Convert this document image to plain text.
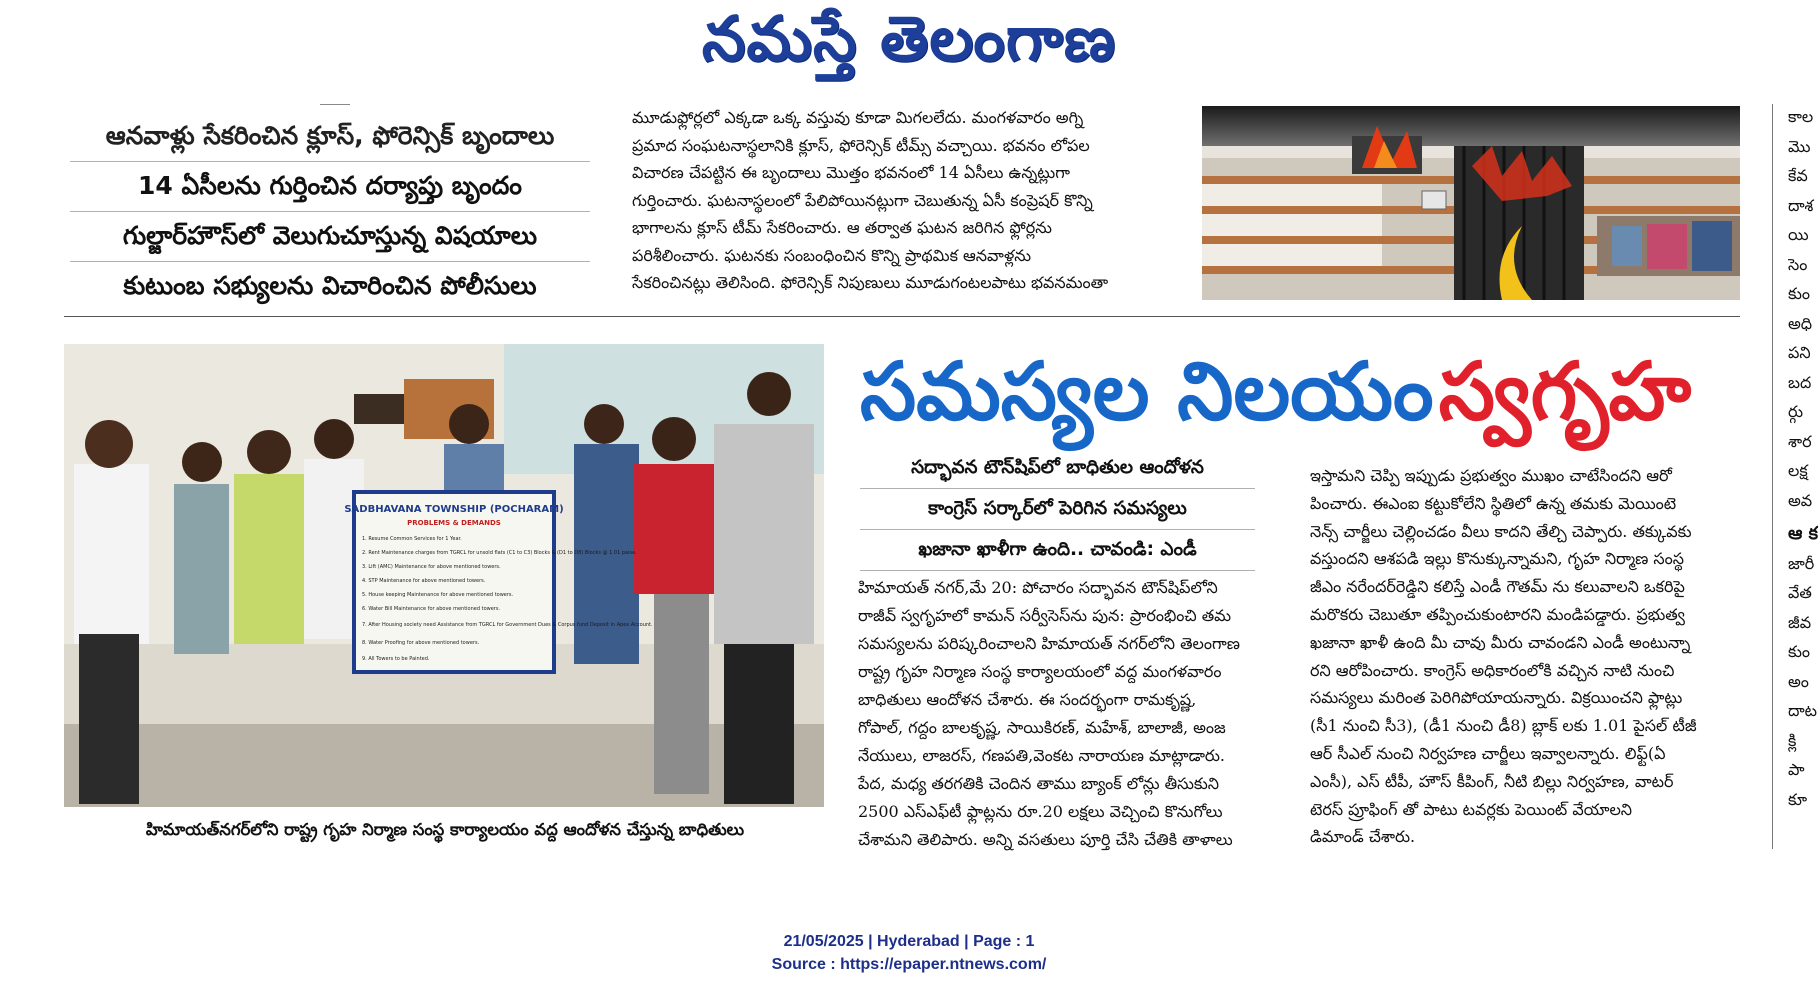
నమస్తే తెలంగాణ
ఆనవాళ్లు సేకరించిన క్లూస్, ఫోరెన్సిక్ బృందాలు
14 ఏసీలను గుర్తించిన దర్యాప్తు బృందం
గుల్జార్‌హౌస్‌లో వెలుగుచూస్తున్న విషయాలు
కుటుంబ సభ్యులను విచారించిన పోలీసులు
మూడుఫ్లోర్లలో ఎక్కడా ఒక్క వస్తువు కూడా మిగలలేదు. మంగళవారం అగ్ని
ప్రమాద సంఘటనాస్థలానికి క్లూస్, ఫోరెన్సిక్ టీమ్స్ వచ్చాయి. భవనం లోపల
విచారణ చేపట్టిన ఈ బృందాలు మొత్తం భవనంలో 14 ఏసీలు ఉన్నట్లుగా
గుర్తించారు. ఘటనాస్థలంలో పేలిపోయినట్లుగా చెబుతున్న ఏసీ కంప్రెషర్ కొన్ని
భాగాలను క్లూస్ టీమ్ సేకరించారు. ఆ తర్వాత ఘటన జరిగిన ఫ్లోర్లను
పరిశీలించారు. ఘటనకు సంబంధించిన కొన్ని ప్రాథమిక ఆనవాళ్లను
సేకరించినట్లు తెలిసింది. ఫోరెన్సిక్ నిపుణులు మూడుగంటలపాటు భవనమంతా
SADBHAVANA TOWNSHIP (POCHARAM)
PROBLEMS & DEMANDS
1. Resume Common Services for 1 Year.
2. Rent Maintenance charges from TGRCL for unsold flats (C1 to C3) Blocks & (D1 to D8) Blocks @ 1.01 paise.
3. Lift (AMC) Maintenance for above mentioned towers.
4. STP Maintenance for above mentioned towers.
5. House keeping Maintenance for above mentioned towers.
6. Water Bill Maintenance for above mentioned towers.
7. After Housing society need Assistance from TGRCL for Government Dues & Corpus fund Deposit in Apex Account.
8. Water Proofing for above mentioned towers.
9. All Towers to be Painted.
హిమాయత్‌నగర్‌లోని రాష్ట్ర గృహ నిర్మాణ సంస్థ కార్యాలయం వద్ద ఆందోళన చేస్తున్న బాధితులు
సమస్యల నిలయం స్వగృహ
సద్భావన టౌన్‌షిప్‌లో బాధితుల ఆందోళన
కాంగ్రెస్ సర్కార్‌లో పెరిగిన సమస్యలు
ఖజానా ఖాళీగా ఉంది.. చావండి: ఎండీ
హిమాయత్ నగర్,మే 20: పోచారం సద్భావన టౌన్‌షిప్‌లోని
రాజీవ్ స్వగృహలో కామన్ సర్వీసెస్‌ను పున: ప్రారంభించి తమ
సమస్యలను పరిష్కరించాలని హిమాయత్ నగర్‌లోని తెలంగాణ
రాష్ట్ర గృహ నిర్మాణ సంస్థ కార్యాలయంలో వద్ద మంగళవారం
బాధితులు ఆందోళన చేశారు. ఈ సందర్భంగా రామకృష్ణ,
గోపాల్, గద్దం బాలకృష్ణ, సాయికిరణ్, మహేశ్, బాలాజీ, అంజ
నేయులు, లాజరస్, గణపతి,వెంకట నారాయణ మాట్లాడారు.
పేద, మధ్య తరగతికి చెందిన తాము బ్యాంక్ లోన్లు తీసుకుని
2500 ఎస్‌ఎఫ్‌టీ ఫ్లాట్లను రూ.20 లక్షలు వెచ్చించి కొనుగోలు
చేశామని తెలిపారు. అన్ని వసతులు పూర్తి చేసి చేతికి తాళాలు
ఇస్తామని చెప్పి ఇప్పుడు ప్రభుత్వం ముఖం చాటేసిందని ఆరో
పించారు. ఈఎంఐ కట్టుకోలేని స్థితిలో ఉన్న తమకు మెయింటె
నెన్స్ చార్జీలు చెల్లించడం వీలు కాదని తేల్చి చెప్పారు. తక్కువకు
వస్తుందని ఆశపడి ఇల్లు కొనుక్కున్నామని, గృహ నిర్మాణ సంస్థ
జీఎం నరేందర్‌రెడ్డిని కలిస్తే ఎండీ గౌతమ్ ను కలువాలని ఒకరిపై
మరొకరు చెబుతూ తప్పించుకుంటారని మండిపడ్డారు. ప్రభుత్వ
ఖజానా ఖాళీ ఉంది మీ చావు మీరు చావండని ఎండీ అంటున్నా
రని ఆరోపించారు. కాంగ్రెస్ అధికారంలోకి వచ్చిన నాటి నుంచి
సమస్యలు మరింత పెరిగిపోయాయన్నారు. విక్రయించని ఫ్లాట్లు
(సీ1 నుంచి సీ3), (డీ1 నుంచి డీ8) బ్లాక్ లకు 1.01 పైసల్ టీజీ
ఆర్ సీఎల్ నుంచి నిర్వహణ చార్జీలు ఇవ్వాలన్నారు. లిఫ్ట్(ఏ
ఎంసీ), ఎస్ టీపీ, హౌస్ కీపింగ్, నీటి బిల్లు నిర్వహణ, వాటర్
టెరస్ ప్రూఫింగ్ తో పాటు టవర్లకు పెయింట్ వేయాలని
డిమాండ్ చేశారు.
కాల
మొ
కేవ
దాశ
యి
సెం
కుం
అధి
పని
బద
ర్గు
శార
లక్ష
అవ
ఆ క
జారీ
వేత
జీవ
కుం
అం
దాట
క్లి
పా
కూ
21/05/2025 | Hyderabad | Page : 1
Source : https://epaper.ntnews.com/
